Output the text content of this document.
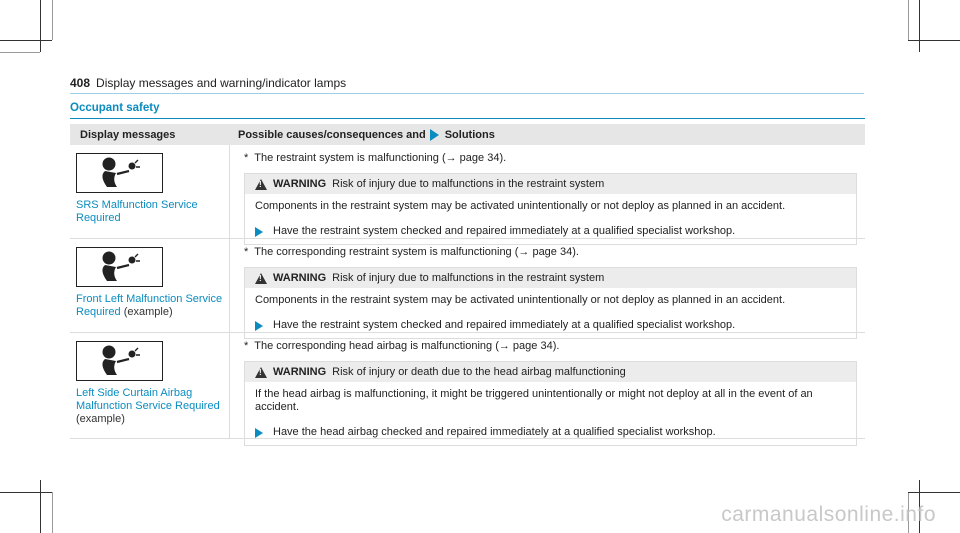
408 Display messages and warning/indicator lamps
Occupant safety
Display messages	Possible causes/consequences and Solutions
SRS Malfunction Service Required
* The restraint system is malfunctioning (→ page 34).
!
WARNING Risk of injury due to malfunctions in the restraint system
Components in the restraint system may be activated unintentionally or not deploy as planned in an accident.
Have the restraint system checked and repaired immediately at a qualified specialist workshop.
Front Left Malfunction Service Required (example)
* The corresponding restraint system is malfunctioning (→ page 34).
!
WARNING Risk of injury due to malfunctions in the restraint system
Components in the restraint system may be activated unintentionally or not deploy as planned in an accident.
Have the restraint system checked and repaired immediately at a qualified specialist workshop.
Left Side Curtain Airbag Malfunction Service Required (example)
* The corresponding head airbag is malfunctioning (→ page 34).
!
WARNING Risk of injury or death due to the head airbag malfunctioning
If the head airbag is malfunctioning, it might be triggered unintentionally or might not deploy at all in the event of an accident.
Have the head airbag checked and repaired immediately at a qualified specialist workshop.
carmanualsonline.info
